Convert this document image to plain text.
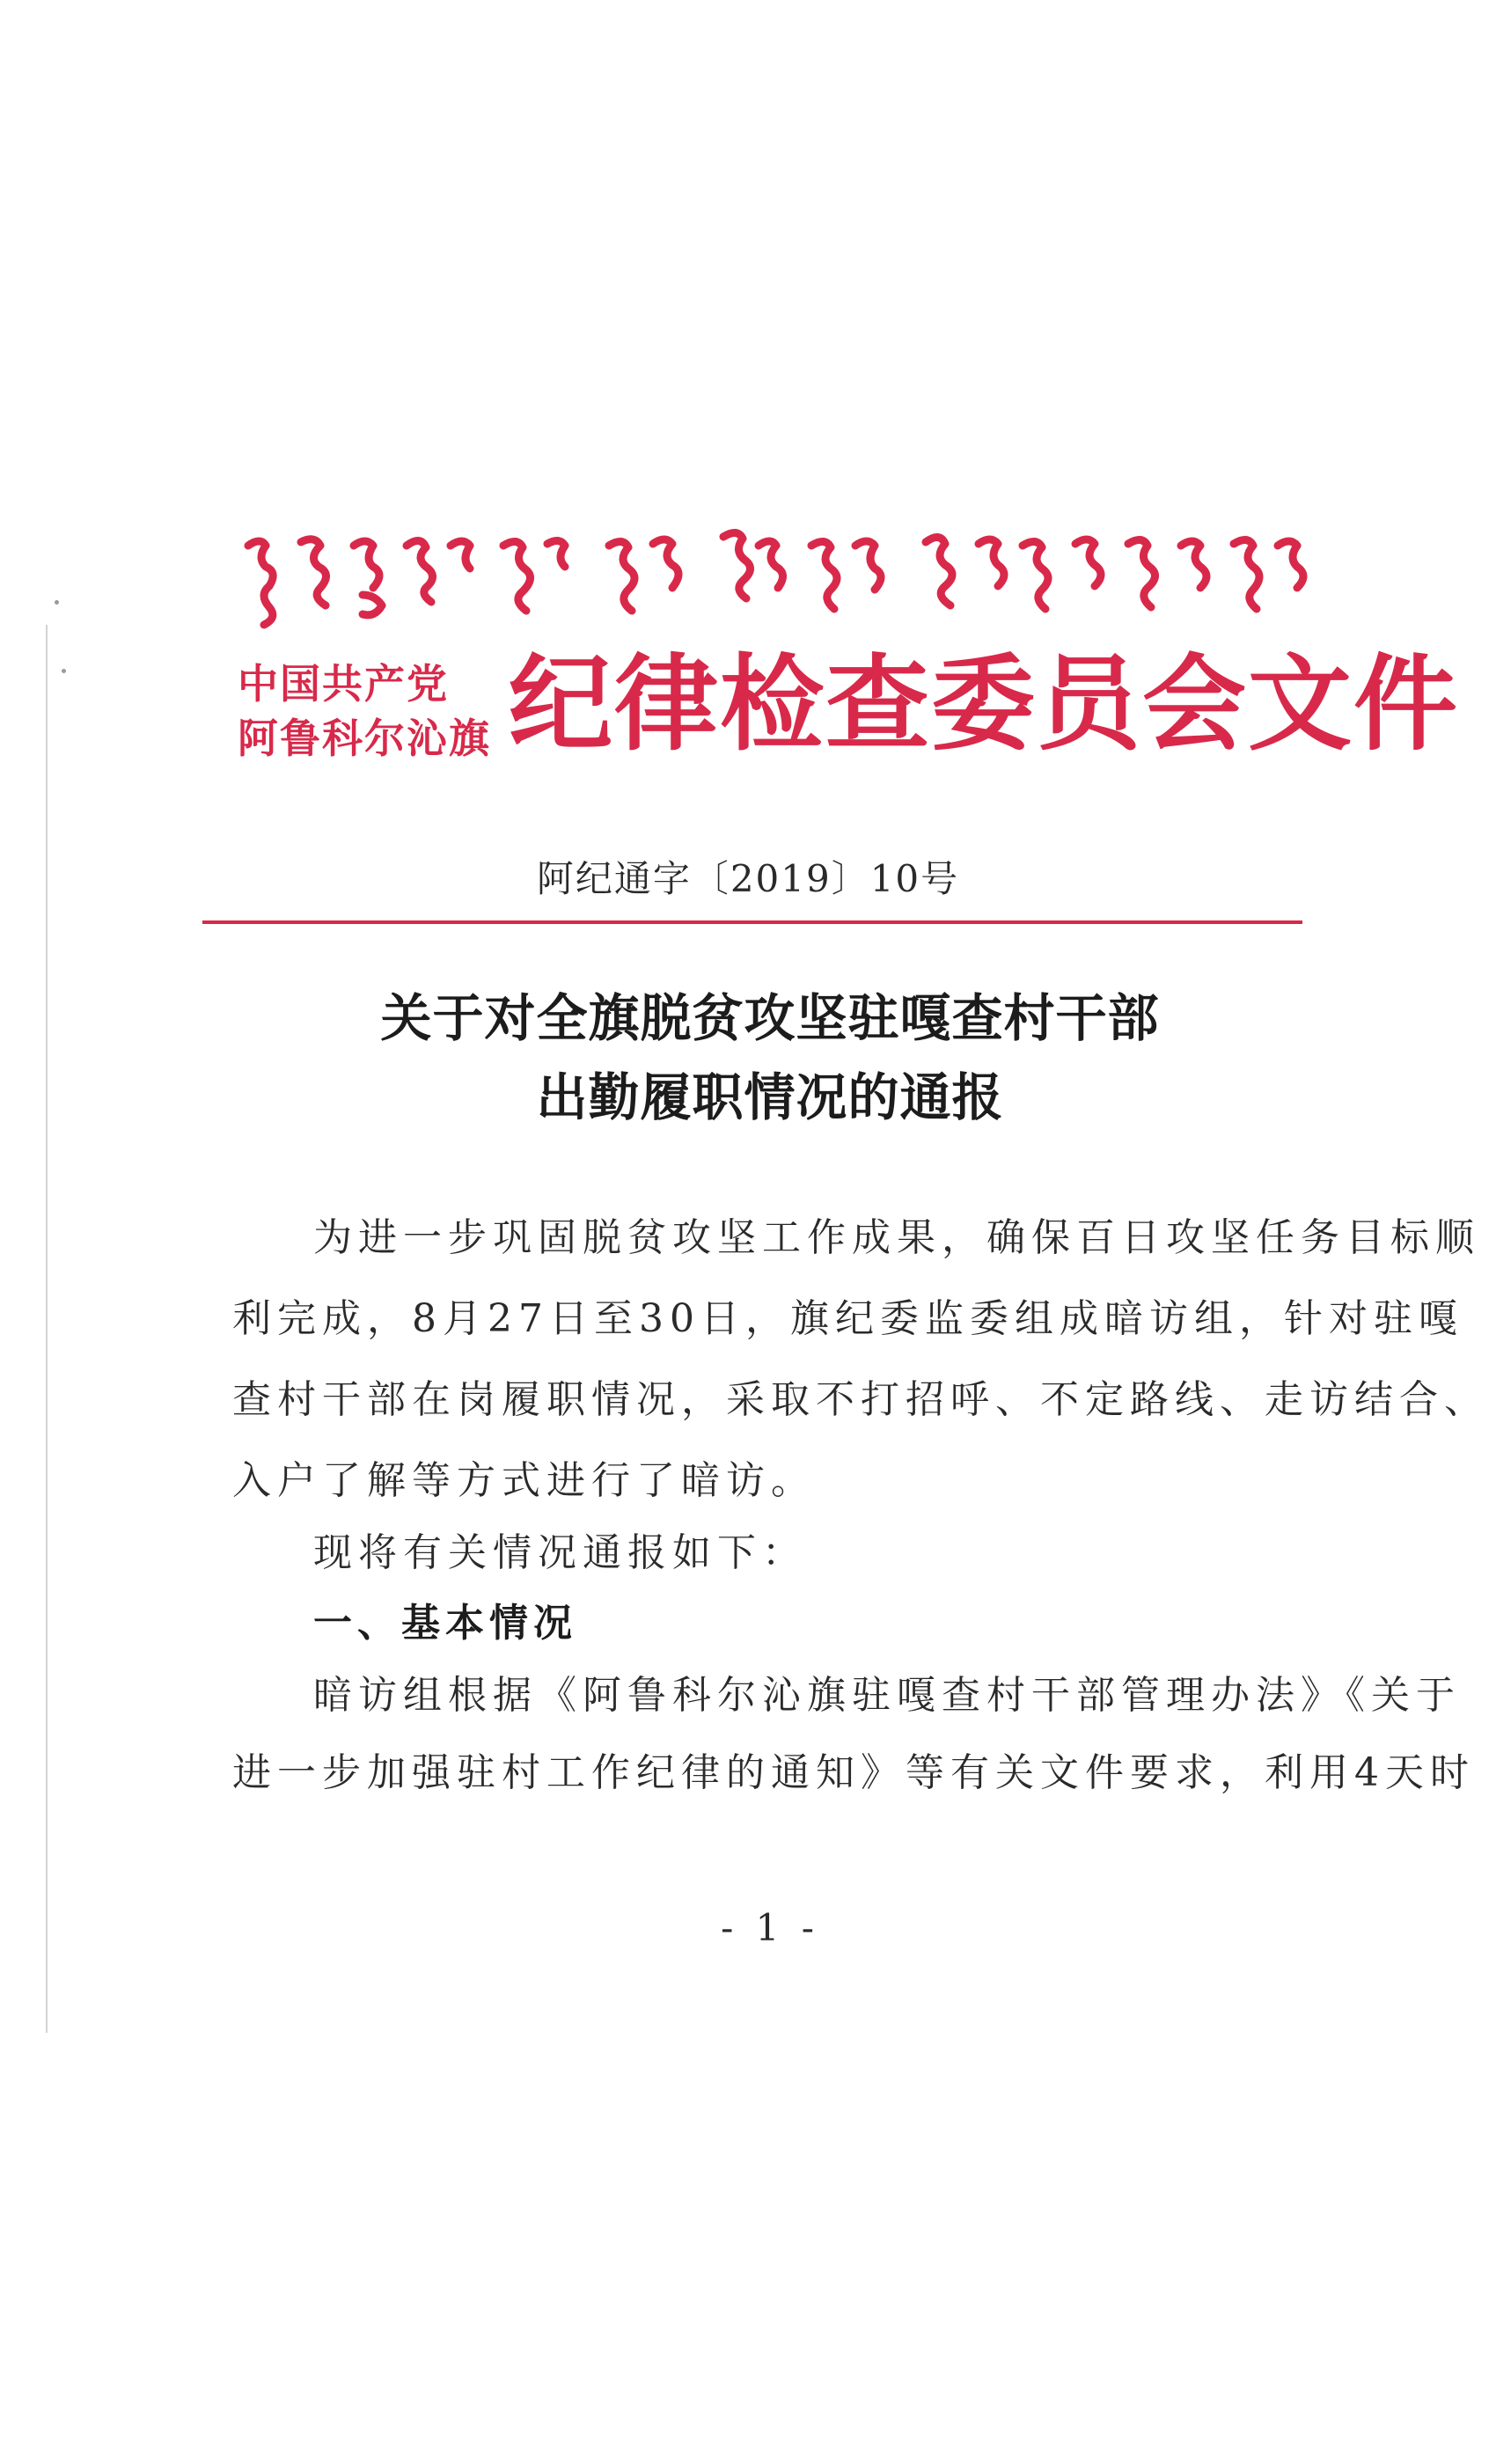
中国共产党
阿鲁科尔沁旗 纪律检查委员会文件
阿纪通字〔2019〕10号
关于对全旗脱贫攻坚驻嘎查村干部
出勤履职情况的通报
为进一步巩固脱贫攻坚工作成果，确保百日攻坚任务目标顺
利完成，8月27日至30日，旗纪委监委组成暗访组，针对驻嘎
查村干部在岗履职情况，采取不打招呼、不定路线、走访结合、
入户了解等方式进行了暗访。
现将有关情况通报如下：
一、基本情况
暗访组根据《阿鲁科尔沁旗驻嘎查村干部管理办法》《关于
进一步加强驻村工作纪律的通知》等有关文件要求，利用4天时
- 1 -
